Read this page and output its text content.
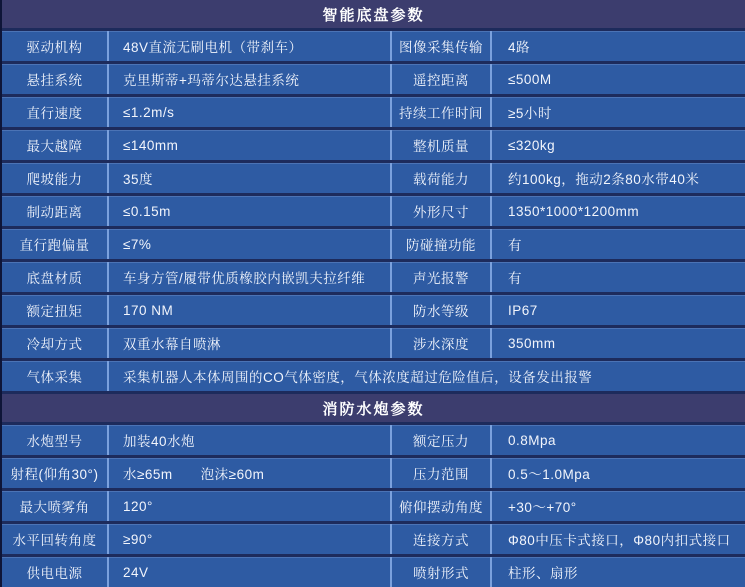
智能底盘参数
驱动机构	48V直流无刷电机（带刹车）	图像采集传输	4路
悬挂系统	克里斯蒂+玛蒂尔达悬挂系统	遥控距离	≤500M
直行速度	≤1.2m/s	持续工作时间	≥5小时
最大越障	≤140mm	整机质量	≤320kg
爬坡能力	35度	载荷能力	约100kg，拖动2条80水带40米
制动距离	≤0.15m	外形尺寸	1350*1000*1200mm
直行跑偏量	≤7%	防碰撞功能	有
底盘材质	车身方管/履带优质橡胶内嵌凯夫拉纤维	声光报警	有
额定扭矩	170 NM	防水等级	IP67
冷却方式	双重水幕自喷淋	涉水深度	350mm
气体采集	采集机器人本体周围的CO气体密度，气体浓度超过危险值后，设备发出报警
消防水炮参数
水炮型号	加装40水炮	额定压力	0.8Mpa
射程(仰角30°)	水≥65m　　泡沫≥60m	压力范围	0.5～1.0Mpa
最大喷雾角	120°	俯仰摆动角度	+30～+70°
水平回转角度	≥90°	连接方式	Φ80中压卡式接口，Φ80内扣式接口
供电电源	24V	喷射形式	柱形、扇形
